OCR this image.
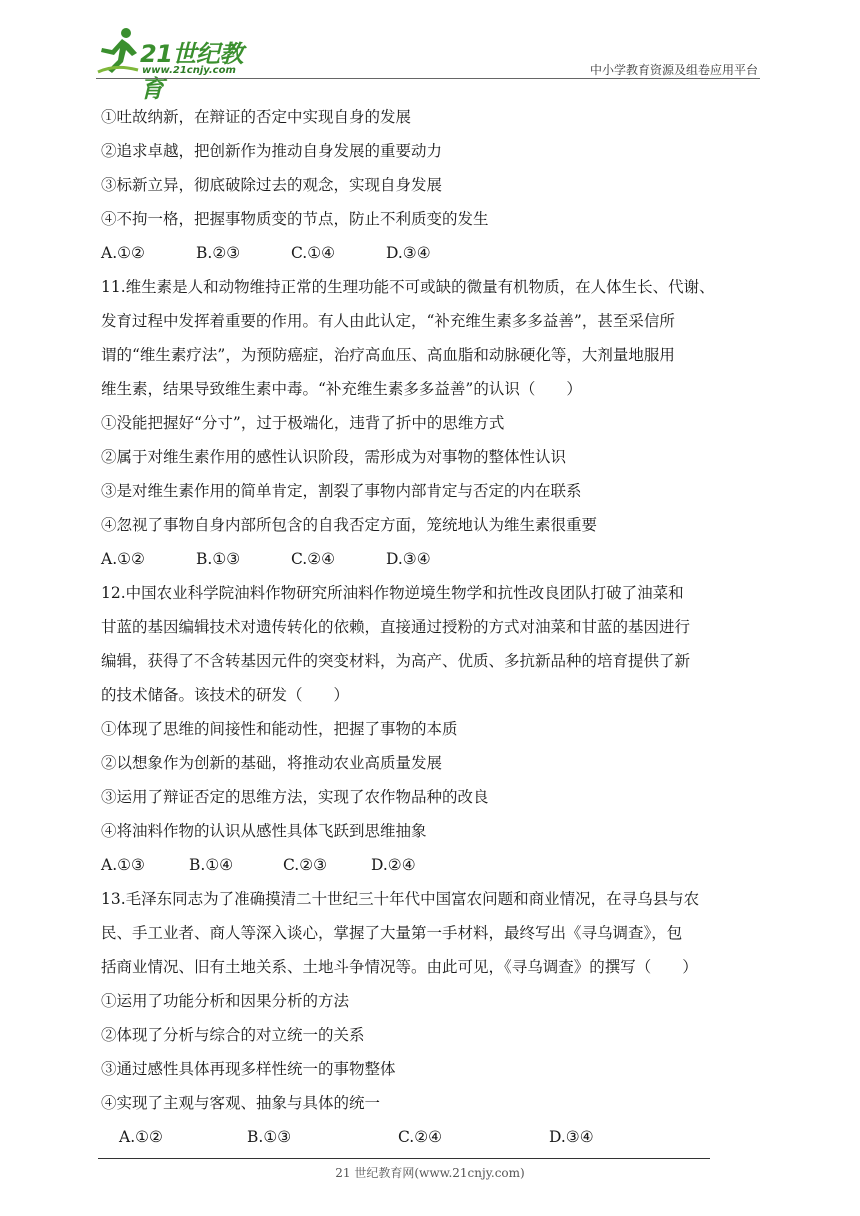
21世纪教育
www.21cnjy.com	中小学教育资源及组卷应用平台
①吐故纳新，在辩证的否定中实现自身的发展
②追求卓越，把创新作为推动自身发展的重要动力
③标新立异，彻底破除过去的观念，实现自身发展
④不拘一格，把握事物质变的节点，防止不利质变的发生
A.①②	B.②③	C.①④	D.③④
11.维生素是人和动物维持正常的生理功能不可或缺的微量有机物质，在人体生长、代谢、
发育过程中发挥着重要的作用。有人由此认定，“补充维生素多多益善”，甚至采信所
谓的“维生素疗法”，为预防癌症，治疗高血压、高血脂和动脉硬化等，大剂量地服用
维生素，结果导致维生素中毒。“补充维生素多多益善”的认识（　　）
①没能把握好“分寸”，过于极端化，违背了折中的思维方式
②属于对维生素作用的感性认识阶段，需形成为对事物的整体性认识
③是对维生素作用的简单肯定，割裂了事物内部肯定与否定的内在联系
④忽视了事物自身内部所包含的自我否定方面，笼统地认为维生素很重要
A.①②	B.①③	C.②④	D.③④
12.中国农业科学院油料作物研究所油料作物逆境生物学和抗性改良团队打破了油菜和
甘蓝的基因编辑技术对遗传转化的依赖，直接通过授粉的方式对油菜和甘蓝的基因进行
编辑，获得了不含转基因元件的突变材料，为高产、优质、多抗新品种的培育提供了新
的技术储备。该技术的研发（　　）
①体现了思维的间接性和能动性，把握了事物的本质
②以想象作为创新的基础，将推动农业高质量发展
③运用了辩证否定的思维方法，实现了农作物品种的改良
④将油料作物的认识从感性具体飞跃到思维抽象
A.①③	B.①④	C.②③	D.②④
13.毛泽东同志为了准确摸清二十世纪三十年代中国富农问题和商业情况，在寻乌县与农
民、手工业者、商人等深入谈心，掌握了大量第一手材料，最终写出《寻乌调查》，包
括商业情况、旧有土地关系、土地斗争情况等。由此可见，《寻乌调查》的撰写（　　）
①运用了功能分析和因果分析的方法
②体现了分析与综合的对立统一的关系
③通过感性具体再现多样性统一的事物整体
④实现了主观与客观、抽象与具体的统一
A.①②	B.①③	C.②④	D.③④
21 世纪教育网(www.21cnjy.com)
